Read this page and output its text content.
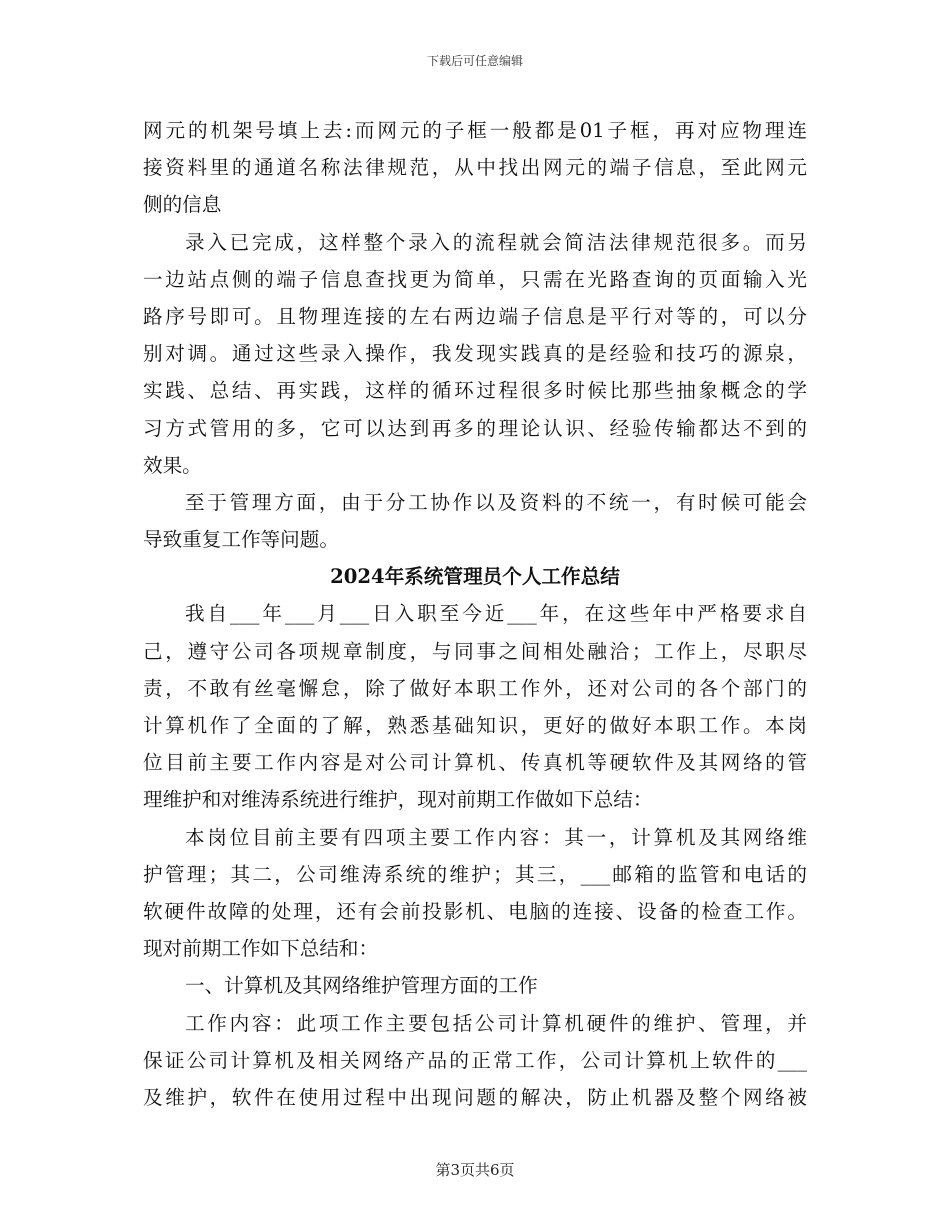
下载后可任意编辑
网元的机架号填上去:而网元的子框一般都是01子框，再对应物理连
接资料里的通道名称法律规范，从中找出网元的端子信息，至此网元
侧的信息
录入已完成，这样整个录入的流程就会简洁法律规范很多。而另
一边站点侧的端子信息查找更为简单，只需在光路查询的页面输入光
路序号即可。且物理连接的左右两边端子信息是平行对等的，可以分
别对调。通过这些录入操作，我发现实践真的是经验和技巧的源泉，
实践、总结、再实践，这样的循环过程很多时候比那些抽象概念的学
习方式管用的多，它可以达到再多的理论认识、经验传输都达不到的
效果。
至于管理方面，由于分工协作以及资料的不统一，有时候可能会
导致重复工作等问题。
2024年系统管理员个人工作总结
我自___年___月___日入职至今近___年，在这些年中严格要求自
己，遵守公司各项规章制度，与同事之间相处融洽；工作上，尽职尽
责，不敢有丝毫懈怠，除了做好本职工作外，还对公司的各个部门的
计算机作了全面的了解，熟悉基础知识，更好的做好本职工作。本岗
位目前主要工作内容是对公司计算机、传真机等硬软件及其网络的管
理维护和对维涛系统进行维护，现对前期工作做如下总结：
本岗位目前主要有四项主要工作内容：其一，计算机及其网络维
护管理；其二，公司维涛系统的维护；其三，___邮箱的监管和电话的
软硬件故障的处理，还有会前投影机、电脑的连接、设备的检查工作。
现对前期工作如下总结和：
一、计算机及其网络维护管理方面的工作
工作内容：此项工作主要包括公司计算机硬件的维护、管理，并
保证公司计算机及相关网络产品的正常工作，公司计算机上软件的___
及维护，软件在使用过程中出现问题的解决，防止机器及整个网络被
第3页共6页
